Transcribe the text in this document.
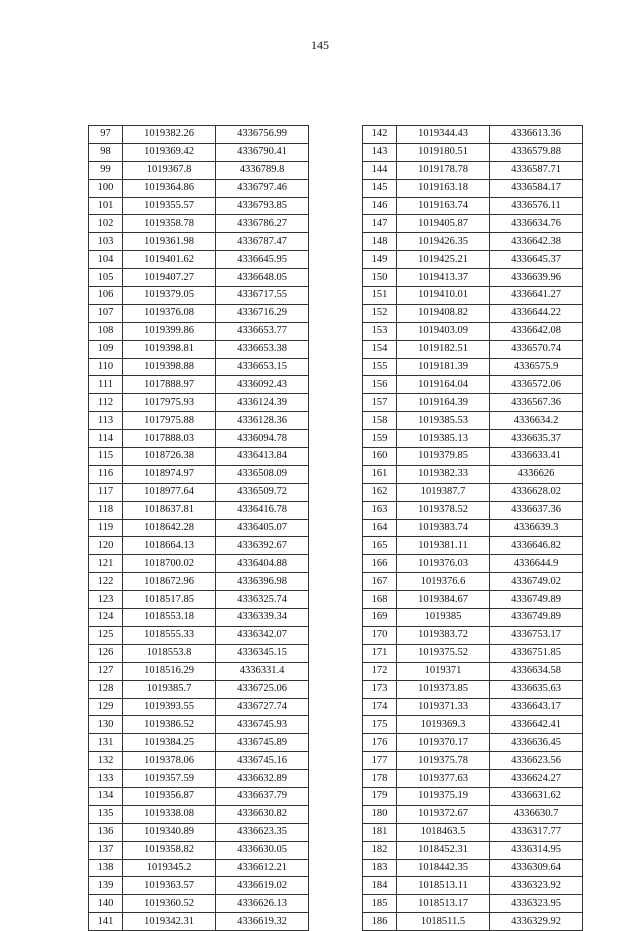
145
97	1019382.26	4336756.99
98	1019369.42	4336790.41
99	1019367.8	4336789.8
100	1019364.86	4336797.46
101	1019355.57	4336793.85
102	1019358.78	4336786.27
103	1019361.98	4336787.47
104	1019401.62	4336645.95
105	1019407.27	4336648.05
106	1019379.05	4336717.55
107	1019376.08	4336716.29
108	1019399.86	4336653.77
109	1019398.81	4336653.38
110	1019398.88	4336653.15
111	1017888.97	4336092.43
112	1017975.93	4336124.39
113	1017975.88	4336128.36
114	1017888.03	4336094.78
115	1018726.38	4336413.84
116	1018974.97	4336508.09
117	1018977.64	4336509.72
118	1018637.81	4336416.78
119	1018642.28	4336405.07
120	1018664.13	4336392.67
121	1018700.02	4336404.88
122	1018672.96	4336396.98
123	1018517.85	4336325.74
124	1018553.18	4336339.34
125	1018555.33	4336342.07
126	1018553.8	4336345.15
127	1018516.29	4336331.4
128	1019385.7	4336725.06
129	1019393.55	4336727.74
130	1019386.52	4336745.93
131	1019384.25	4336745.89
132	1019378.06	4336745.16
133	1019357.59	4336632.89
134	1019356.87	4336637.79
135	1019338.08	4336630.82
136	1019340.89	4336623.35
137	1019358.82	4336630.05
138	1019345.2	4336612.21
139	1019363.57	4336619.02
140	1019360.52	4336626.13
141	1019342.31	4336619.32
142	1019344.43	4336613.36
143	1019180.51	4336579.88
144	1019178.78	4336587.71
145	1019163.18	4336584.17
146	1019163.74	4336576.11
147	1019405.87	4336634.76
148	1019426.35	4336642.38
149	1019425.21	4336645.37
150	1019413.37	4336639.96
151	1019410.01	4336641.27
152	1019408.82	4336644.22
153	1019403.09	4336642.08
154	1019182.51	4336570.74
155	1019181.39	4336575.9
156	1019164.04	4336572.06
157	1019164.39	4336567.36
158	1019385.53	4336634.2
159	1019385.13	4336635.37
160	1019379.85	4336633.41
161	1019382.33	4336626
162	1019387.7	4336628.02
163	1019378.52	4336637.36
164	1019383.74	4336639.3
165	1019381.11	4336646.82
166	1019376.03	4336644.9
167	1019376.6	4336749.02
168	1019384.67	4336749.89
169	1019385	4336749.89
170	1019383.72	4336753.17
171	1019375.52	4336751.85
172	1019371	4336634.58
173	1019373.85	4336635.63
174	1019371.33	4336643.17
175	1019369.3	4336642.41
176	1019370.17	4336636.45
177	1019375.78	4336623.56
178	1019377.63	4336624.27
179	1019375.19	4336631.62
180	1019372.67	4336630.7
181	1018463.5	4336317.77
182	1018452.31	4336314.95
183	1018442.35	4336309.64
184	1018513.11	4336323.92
185	1018513.17	4336323.95
186	1018511.5	4336329.92
